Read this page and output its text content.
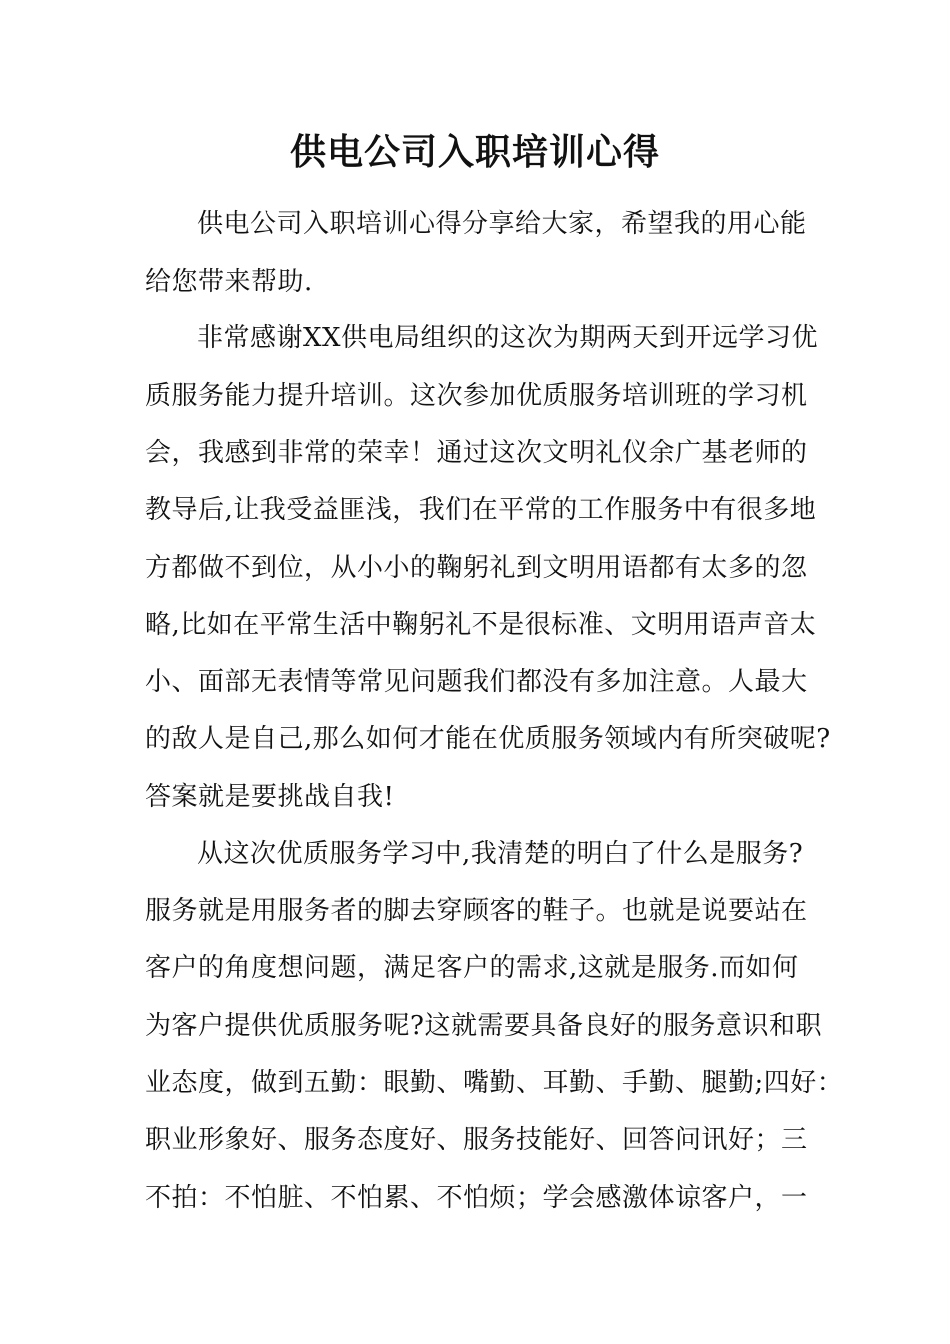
供电公司入职培训心得
供电公司入职培训心得分享给大家，希望我的用心能
给您带来帮助.
非常感谢XX供电局组织的这次为期两天到开远学习优
质服务能力提升培训。这次参加优质服务培训班的学习机
会，我感到非常的荣幸！通过这次文明礼仪余广基老师的
教导后,让我受益匪浅，我们在平常的工作服务中有很多地
方都做不到位，从小小的鞠躬礼到文明用语都有太多的忽
略,比如在平常生活中鞠躬礼不是很标准、文明用语声音太
小、面部无表情等常见问题我们都没有多加注意。人最大
的敌人是自己,那么如何才能在优质服务领域内有所突破呢?
答案就是要挑战自我!
从这次优质服务学习中,我清楚的明白了什么是服务?
服务就是用服务者的脚去穿顾客的鞋子。也就是说要站在
客户的角度想问题，满足客户的需求,这就是服务.而如何
为客户提供优质服务呢?这就需要具备良好的服务意识和职
业态度，做到五勤：眼勤、嘴勤、耳勤、手勤、腿勤;四好：
职业形象好、服务态度好、服务技能好、回答问讯好；三
不拍：不怕脏、不怕累、不怕烦；学会感激体谅客户，一
